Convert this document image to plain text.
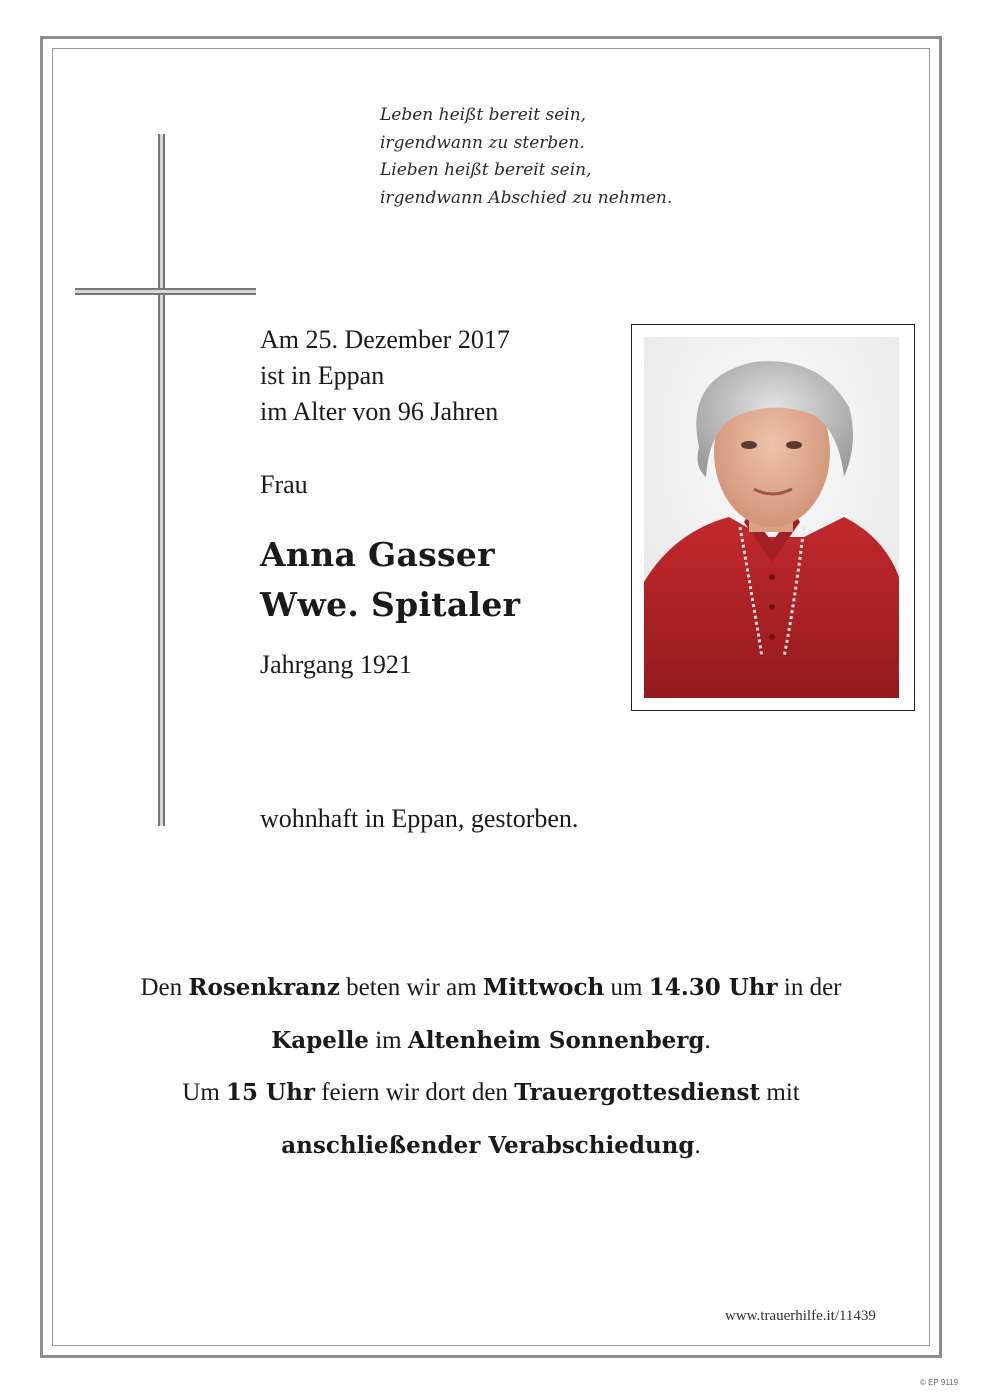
Leben heißt bereit sein,
irgendwann zu sterben.
Lieben heißt bereit sein,
irgendwann Abschied zu nehmen.
Am 25. Dezember 2017
ist in Eppan
im Alter von 96 Jahren
Frau
Anna Gasser
Wwe. Spitaler
Jahrgang 1921
wohnhaft in Eppan, gestorben.
Den Rosenkranz beten wir am Mittwoch um 14.30 Uhr in der
Kapelle im Altenheim Sonnenberg.
Um 15 Uhr feiern wir dort den Trauergottesdienst mit
anschließender Verabschiedung.
www.trauerhilfe.it/11439
© EP 9119
